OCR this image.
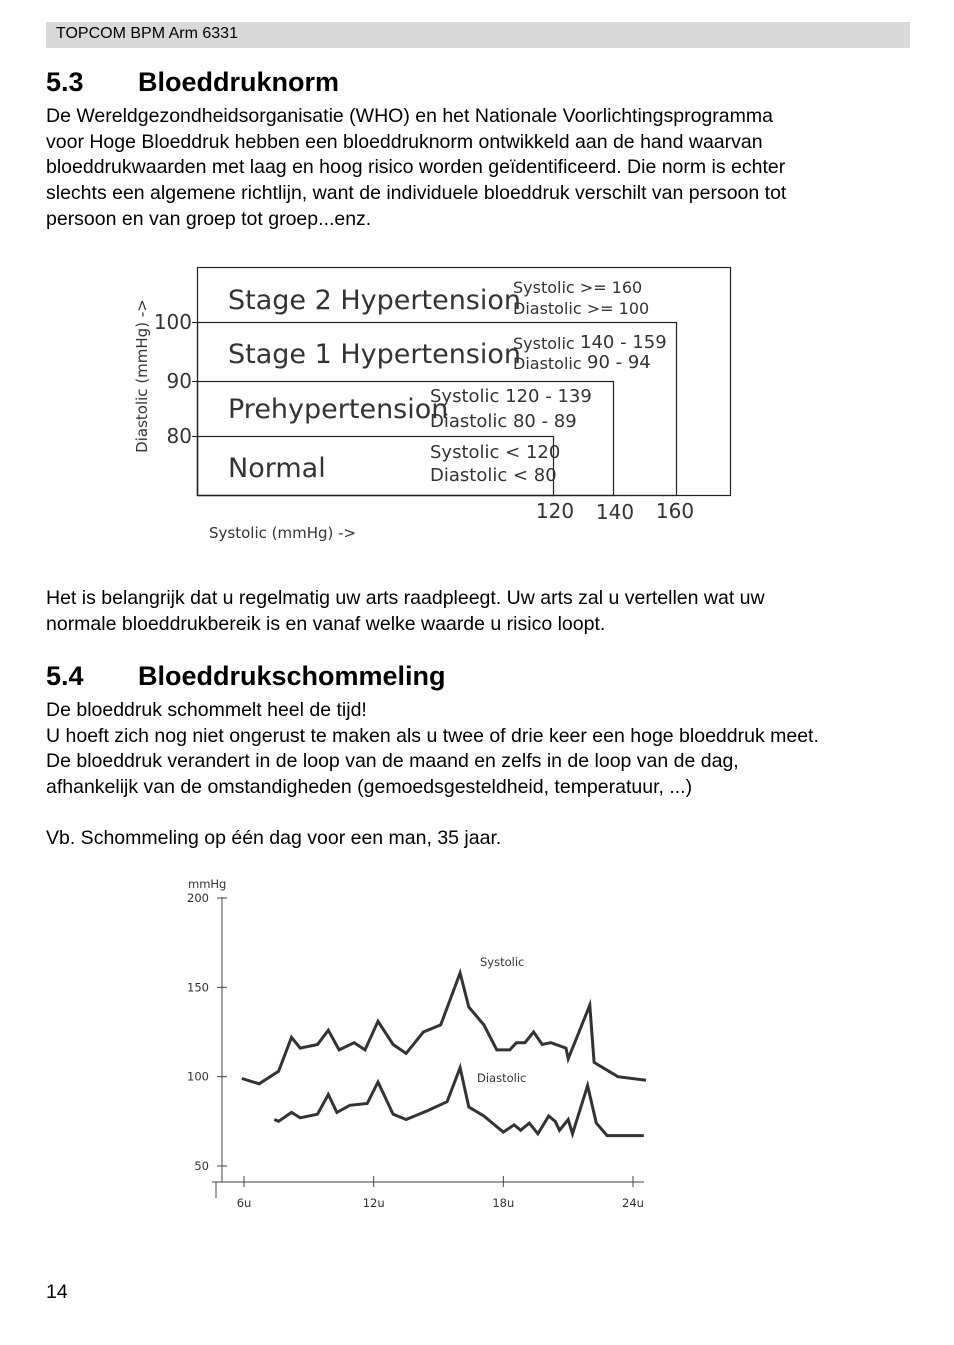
TOPCOM BPM Arm 6331
5.3 Bloeddruknorm
De Wereldgezondheidsorganisatie (WHO) en het Nationale Voorlichtingsprogramma
voor Hoge Bloeddruk hebben een bloeddruknorm ontwikkeld aan de hand waarvan
bloeddrukwaarden met laag en hoog risico worden geïdentificeerd. Die norm is echter
slechts een algemene richtlijn, want de individuele bloeddruk verschilt van persoon tot
persoon en van groep tot groep...enz.
Stage 2 Hypertension
Stage 1 Hypertension
Prehypertension
Normal
Systolic >= 160
Diastolic >= 100
Systolic 140 - 159
Diastolic 90 - 94
Systolic 120 - 139
Diastolic 80 - 89
Systolic < 120
Diastolic < 80
100
90
80
Diastolic (mmHg) ->
120 140 160
Systolic (mmHg) ->
Het is belangrijk dat u regelmatig uw arts raadpleegt. Uw arts zal u vertellen wat uw
normale bloeddrukbereik is en vanaf welke waarde u risico loopt.
5.4 Bloeddrukschommeling
De bloeddruk schommelt heel de tijd!
U hoeft zich nog niet ongerust te maken als u twee of drie keer een hoge bloeddruk meet.
De bloeddruk verandert in de loop van de maand en zelfs in de loop van de dag,
afhankelijk van de omstandigheden (gemoedsgesteldheid, temperatuur, ...)
Vb. Schommeling op één dag voor een man, 35 jaar.
mmHg
200
150
100
50
6u	12u	18u	24u
Systolic
Diastolic
14
